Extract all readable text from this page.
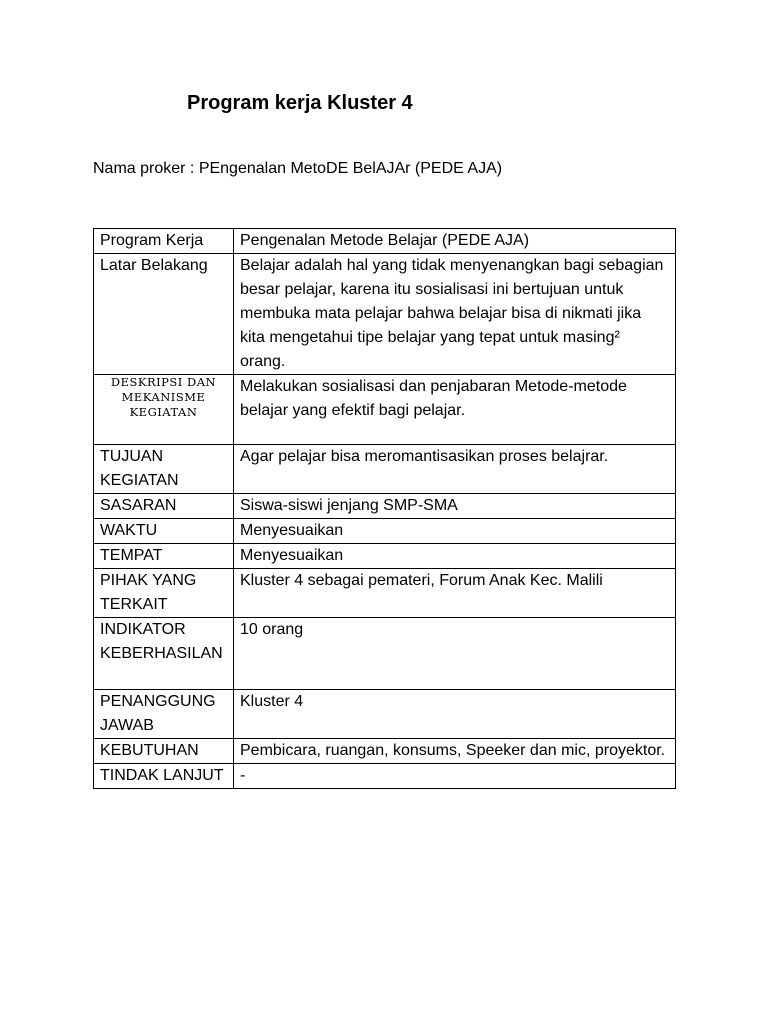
Program kerja Kluster 4
Nama proker : PEngenalan MetoDE BelAJAr (PEDE AJA)
Program Kerja	Pengenalan Metode Belajar (PEDE AJA)
Latar Belakang	Belajar adalah hal yang tidak menyenangkan bagi sebagian besar pelajar, karena itu sosialisasi ini bertujuan untuk membuka mata pelajar bahwa belajar bisa di nikmati jika kita mengetahui tipe belajar yang tepat untuk masing² orang.

DESKRIPSI DAN
MEKANISME
KEGIATAN	Melakukan sosialisasi dan penjabaran Metode-metode belajar yang efektif bagi pelajar.
TUJUAN KEGIATAN	Agar pelajar bisa meromantisasikan proses belajrar.
SASARAN	Siswa-siswi jenjang SMP-SMA
WAKTU	Menyesuaikan
TEMPAT	Menyesuaikan
PIHAK YANG TERKAIT	Kluster 4 sebagai pemateri, Forum Anak Kec. Malili
INDIKATOR KEBERHASILAN	10 orang
PENANGGUNG JAWAB	Kluster 4
KEBUTUHAN	Pembicara, ruangan, konsums, Speeker dan mic, proyektor.
TINDAK LANJUT	-
